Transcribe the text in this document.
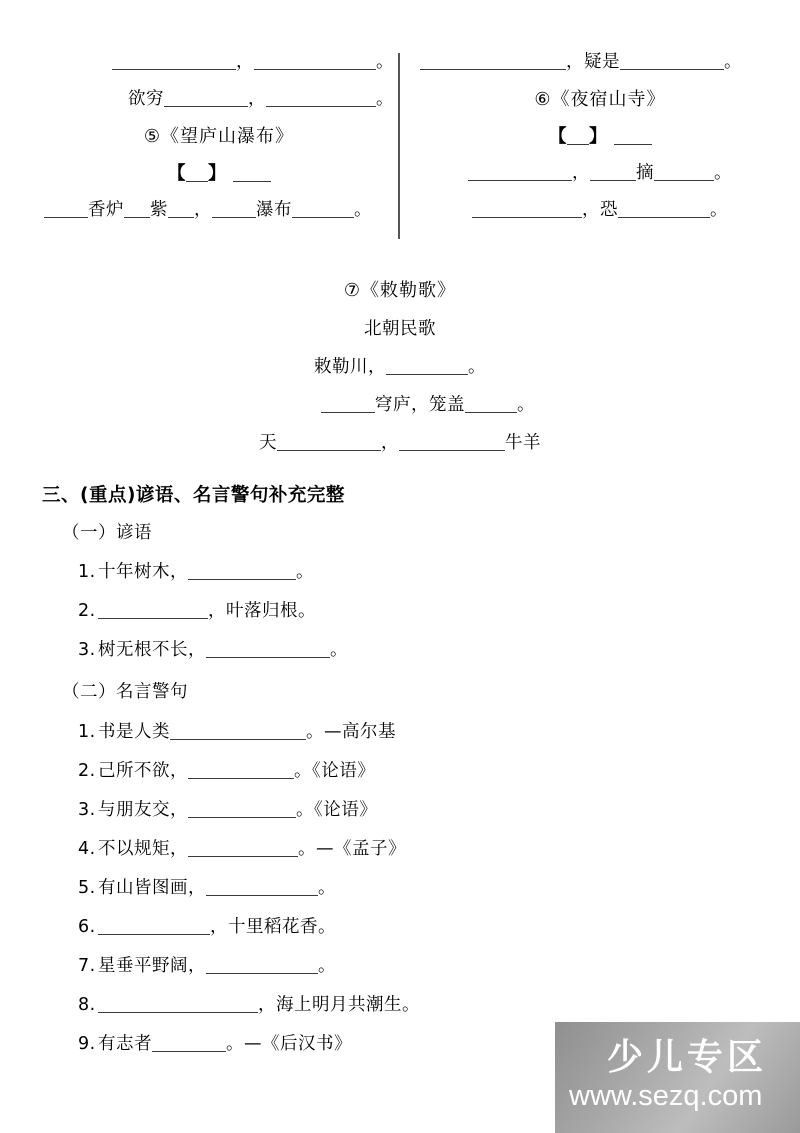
，	。
欲穷	，	。
⑤《望庐山瀑布》
【 】
香炉 紫 ，	瀑布	。
，疑是	。
⑥《夜宿山寺》
【 】
，	摘	。
，恐	。
⑦《敕勒歌》
北朝民歌
敕勒川，	。
穹庐，笼盖	。
天	，	牛羊
三、(重点)谚语、名言警句补充完整
（一）谚语
1. 十年树木，	。
2.	，叶落归根。
3. 树无根不长，	。
（二）名言警句
1. 书是人类	。—高尔基
2. 己所不欲，	。《论语》
3. 与朋友交，	。《论语》
4. 不以规矩，	。—《孟子》
5. 有山皆图画，	。
6.	，十里稻花香。
7. 星垂平野阔，	。
8.	，海上明月共潮生。
9. 有志者	。—《后汉书》	少儿专区
www.sezq.com
